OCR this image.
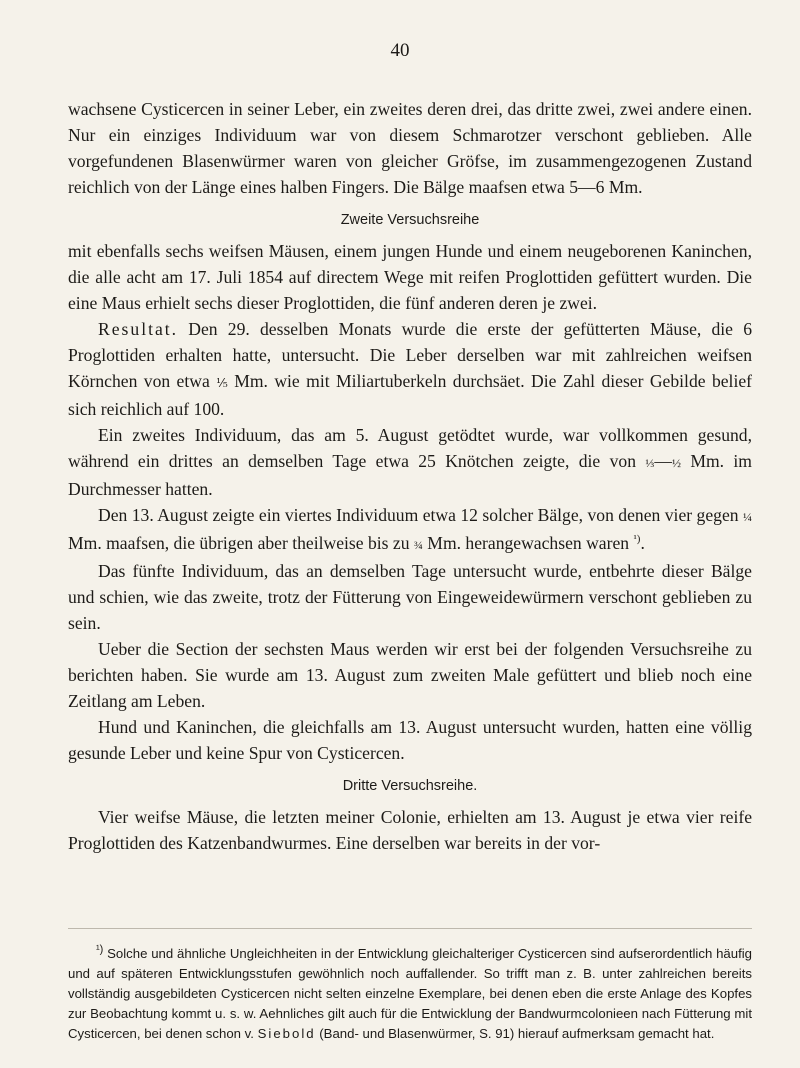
40

wachsene Cysticercen in seiner Leber, ein zweites deren drei, das dritte zwei, zwei andere einen. Nur ein einziges Individuum war von diesem Schmarotzer verschont geblieben. Alle vorgefundenen Blasenwürmer waren von gleicher Gröfse, im zusammengezogenen Zustand reichlich von der Länge eines halben Fingers. Die Bälge maafsen etwa 5—6 Mm.

Zweite Versuchsreihe

mit ebenfalls sechs weifsen Mäusen, einem jungen Hunde und einem neugeborenen Kaninchen, die alle acht am 17. Juli 1854 auf directem Wege mit reifen Proglottiden gefüttert wurden. Die eine Maus erhielt sechs dieser Proglottiden, die fünf anderen deren je zwei.

Resultat. Den 29. desselben Monats wurde die erste der gefütterten Mäuse, die 6 Proglottiden erhalten hatte, untersucht. Die Leber derselben war mit zahlreichen weifsen Körnchen von etwa ⅕ Mm. wie mit Miliartuberkeln durchsäet. Die Zahl dieser Gebilde belief sich reichlich auf 100.

Ein zweites Individuum, das am 5. August getödtet wurde, war vollkommen gesund, während ein drittes an demselben Tage etwa 25 Knötchen zeigte, die von ⅓—½ Mm. im Durchmesser hatten.

Den 13. August zeigte ein viertes Individuum etwa 12 solcher Bälge, von denen vier gegen ¼ Mm. maafsen, die übrigen aber theilweise bis zu ¾ Mm. herangewachsen waren $^{^1)}$.

Das fünfte Individuum, das an demselben Tage untersucht wurde, entbehrte dieser Bälge und schien, wie das zweite, trotz der Fütterung von Eingeweidewürmern verschont geblieben zu sein.

Ueber die Section der sechsten Maus werden wir erst bei der folgenden Versuchsreihe zu berichten haben. Sie wurde am 13. August zum zweiten Male gefüttert und blieb noch eine Zeitlang am Leben.

Hund und Kaninchen, die gleichfalls am 13. August untersucht wurden, hatten eine völlig gesunde Leber und keine Spur von Cysticercen.

Dritte Versuchsreihe.

Vier weifse Mäuse, die letzten meiner Colonie, erhielten am 13. August je etwa vier reife Proglottiden des Katzenbandwurmes. Eine derselben war bereits in der vor-

$^{^1)}$ Solche und ähnliche Ungleichheiten in der Entwicklung gleichalteriger Cysticercen sind aufserordentlich häufig und auf späteren Entwicklungsstufen gewöhnlich noch auffallender. So trifft man z. B. unter zahlreichen bereits vollständig ausgebildeten Cysticercen nicht selten einzelne Exemplare, bei denen eben die erste Anlage des Kopfes zur Beobachtung kommt u. s. w. Aehnliches gilt auch für die Entwicklung der Bandwurmcolonieen nach Fütterung mit Cysticercen, bei denen schon v. Siebold (Band- und Blasenwürmer, S. 91) hierauf aufmerksam gemacht hat.
